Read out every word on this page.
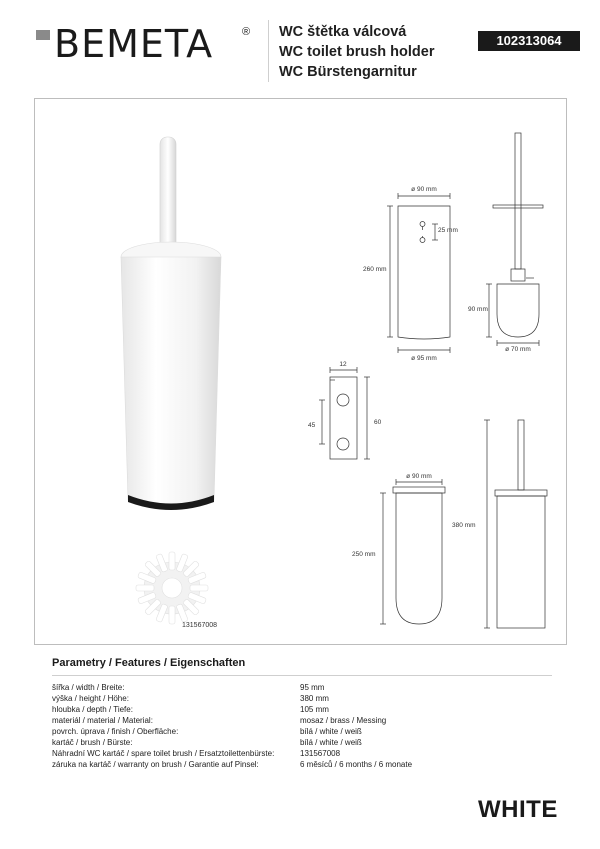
BEMETA	® WC štětka válcová
WC toilet brush holder
WC Bürstengarnitur
102313064
ø 90 mm
25 mm
260 mm
ø 95 mm
90 mm
ø 70 mm
12
60
45
ø 90 mm
250 mm
380 mm
131567008
Parametry / Features / Eigenschaften
šířka / width / Breite:	95 mm
výška / height / Höhe:	380 mm
hloubka / depth / Tiefe:	105 mm
materiál / material / Material:	mosaz / brass / Messing
povrch. úprava / finish / Oberfläche:	bílá / white / weiß
kartáč / brush / Bürste:	bílá / white / weiß
Náhradní WC kartáč / spare toilet brush / Ersatztoilettenbürste:	131567008
záruka na kartáč / warranty on brush / Garantie auf Pinsel:	6 měsíců / 6 months / 6 monate
WHITE
